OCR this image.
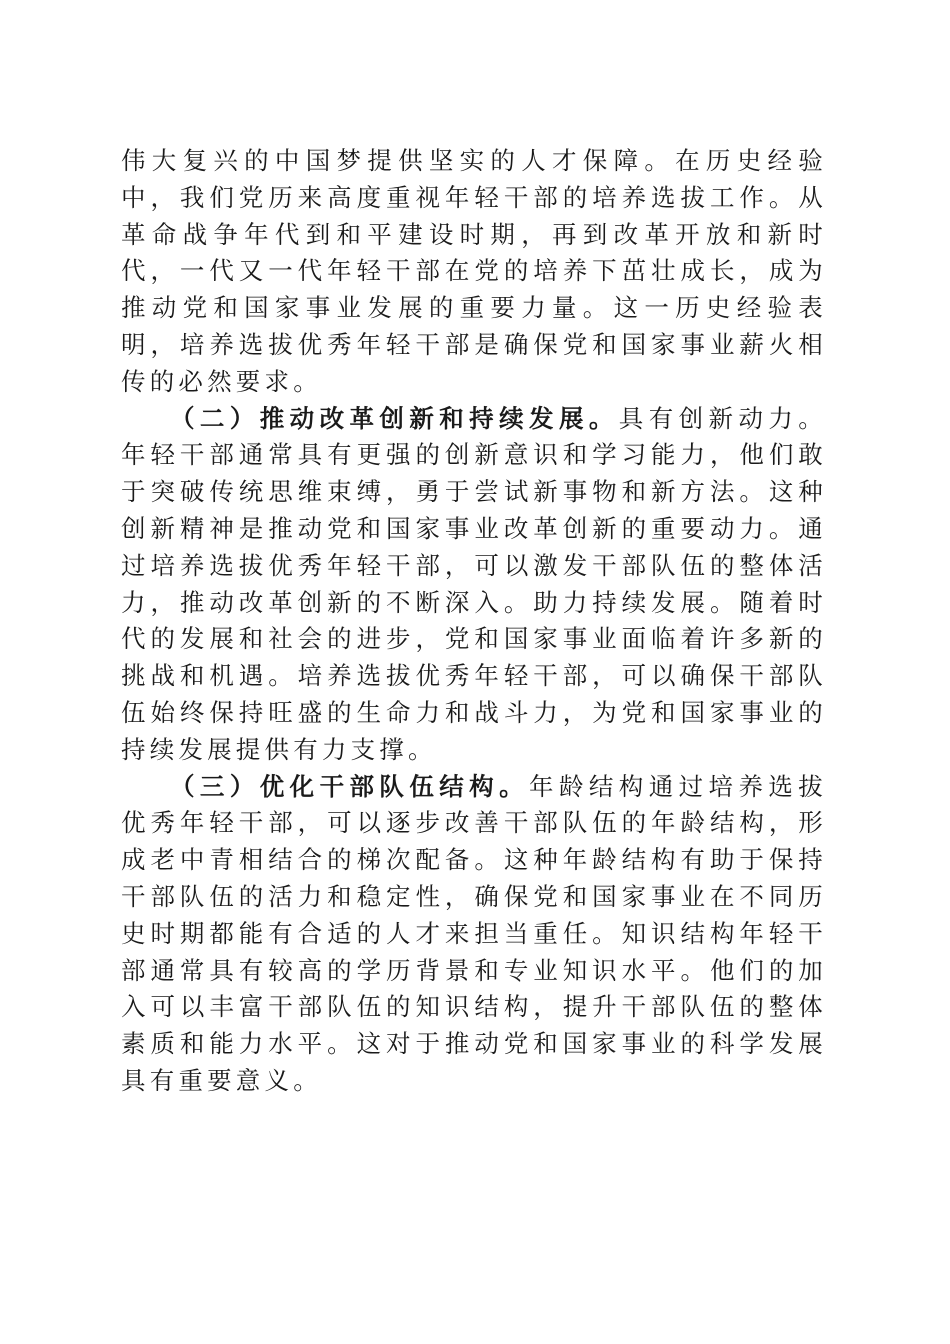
伟大复兴的中国梦提供坚实的人才保障。在历史经验中，我们党历来高度重视年轻干部的培养选拔工作。从革命战争年代到和平建设时期，再到改革开放和新时代，一代又一代年轻干部在党的培养下茁壮成长，成为推动党和国家事业发展的重要力量。这一历史经验表明，培养选拔优秀年轻干部是确保党和国家事业薪火相传的必然要求。

（二）推动改革创新和持续发展。具有创新动力。年轻干部通常具有更强的创新意识和学习能力，他们敢于突破传统思维束缚，勇于尝试新事物和新方法。这种创新精神是推动党和国家事业改革创新的重要动力。通过培养选拔优秀年轻干部，可以激发干部队伍的整体活力，推动改革创新的不断深入。助力持续发展。随着时代的发展和社会的进步，党和国家事业面临着许多新的挑战和机遇。培养选拔优秀年轻干部，可以确保干部队伍始终保持旺盛的生命力和战斗力，为党和国家事业的持续发展提供有力支撑。

（三）优化干部队伍结构。年龄结构通过培养选拔优秀年轻干部，可以逐步改善干部队伍的年龄结构，形成老中青相结合的梯次配备。这种年龄结构有助于保持干部队伍的活力和稳定性，确保党和国家事业在不同历史时期都能有合适的人才来担当重任。知识结构年轻干部通常具有较高的学历背景和专业知识水平。他们的加入可以丰富干部队伍的知识结构，提升干部队伍的整体素质和能力水平。这对于推动党和国家事业的科学发展具有重要意义。
